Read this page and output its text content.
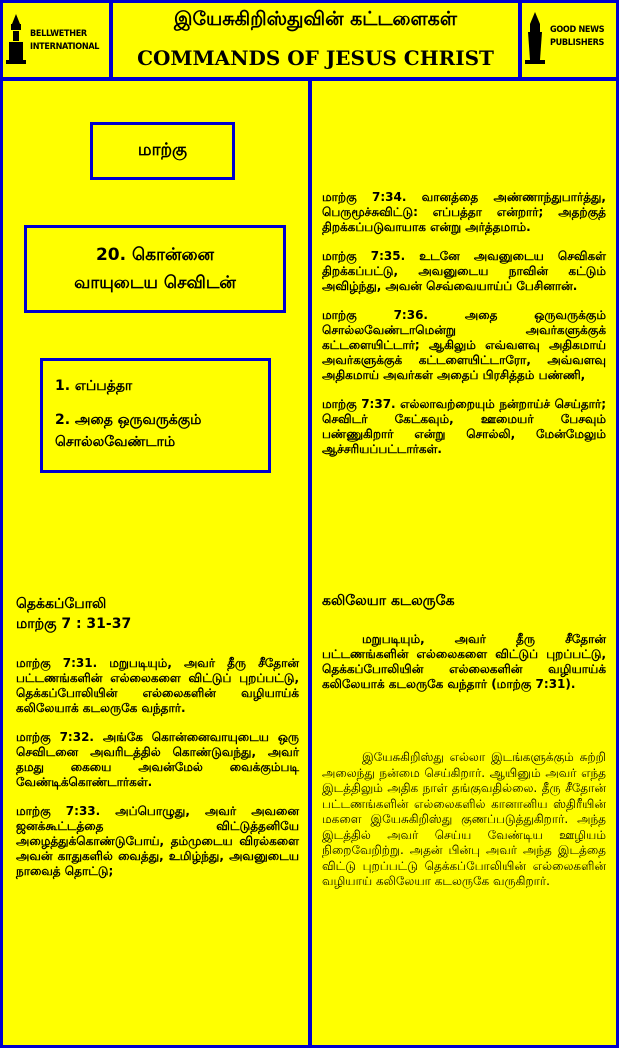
BELLWETHER
INTERNATIONAL
இயேசுகிறிஸ்துவின் கட்டளைகள்
COMMANDS OF JESUS CHRIST
GOOD NEWS
PUBLISHERS
மாற்கு
20. கொன்னை
வாயுடைய செவிடன்
1. எப்பத்தா
2. அதை ஒருவருக்கும்
சொல்லவேண்டாம்
தெக்கப்போலி
மாற்கு 7 : 31-37

மாற்கு 7:31. மறுபடியும், அவர் தீரு சீதோன் பட்டணங்களின் எல்லைகளை விட்டுப் புறப்பட்டு, தெக்கப்போலியின் எல்லைகளின் வழியாய்க் கலிலேயாக் கடலருகே வந்தார்.

மாற்கு 7:32. அங்கே கொன்னைவாயுடைய ஒரு செவிடனை அவரிடத்தில் கொண்டுவந்து, அவர் தமது கையை அவன்மேல் வைக்கும்படி வேண்டிக்கொண்டார்கள்.

மாற்கு 7:33. அப்பொழுது, அவர் அவனை ஜனக்கூட்டத்தை விட்டுத்தனியே அழைத்துக்கொண்டுபோய், தம்முடைய விரல்களை அவன் காதுகளில் வைத்து, உமிழ்ந்து, அவனுடைய நாவைத் தொட்டு;

மாற்கு 7:34. வானத்தை அண்ணாந்துபார்த்து, பெருமூச்சுவிட்டு: எப்பத்தா என்றார்; அதற்குத் திறக்கப்படுவாயாக என்று அர்த்தமாம்.

மாற்கு 7:35. உடனே அவனுடைய செவிகள் திறக்கப்பட்டு, அவனுடைய நாவின் கட்டும் அவிழ்ந்து, அவன் செவ்வையாய்ப் பேசினான்.

மாற்கு 7:36. அதை ஒருவருக்கும் சொல்லவேண்டாமென்று அவர்களுக்குக் கட்டளையிட்டார்; ஆகிலும் எவ்வளவு அதிகமாய் அவர்களுக்குக் கட்டளையிட்டாரோ, அவ்வளவு அதிகமாய் அவர்கள் அதைப் பிரசித்தம் பண்ணி,

மாற்கு 7:37. எல்லாவற்றையும் நன்றாய்ச் செய்தார்; செவிடர் கேட்கவும், ஊமையர் பேசவும் பண்ணுகிறார் என்று சொல்லி, மேன்மேலும் ஆச்சரியப்பட்டார்கள்.

கலிலேயா கடலருகே
மறுபடியும், அவர் தீரு சீதோன் பட்டணங்களின் எல்லைகளை விட்டுப் புறப்பட்டு, தெக்கப்போலியின் எல்லைகளின் வழியாய்க் கலிலேயாக் கடலருகே வந்தார் (மாற்கு 7:31).
இயேசுகிறிஸ்து எல்லா இடங்களுக்கும் சுற்றி அலைந்து நன்மை செய்கிறார். ஆயினும் அவர் எந்த இடத்திலும் அதிக நாள் தங்குவதில்லை. தீரு சீதோன் பட்டணங்களின் எல்லைகளில் கானானிய ஸ்திரீயின் மகளை இயேசுகிறிஸ்து குணப்படுத்துகிறார். அந்த இடத்தில் அவர் செய்ய வேண்டிய ஊழியம் நிறைவேறிற்று. அதன் பின்பு அவர் அந்த இடத்தை விட்டு புறப்பட்டு தெக்கப்போலியின் எல்லைகளின் வழியாய் கலிலேயா கடலருகே வருகிறார்.
